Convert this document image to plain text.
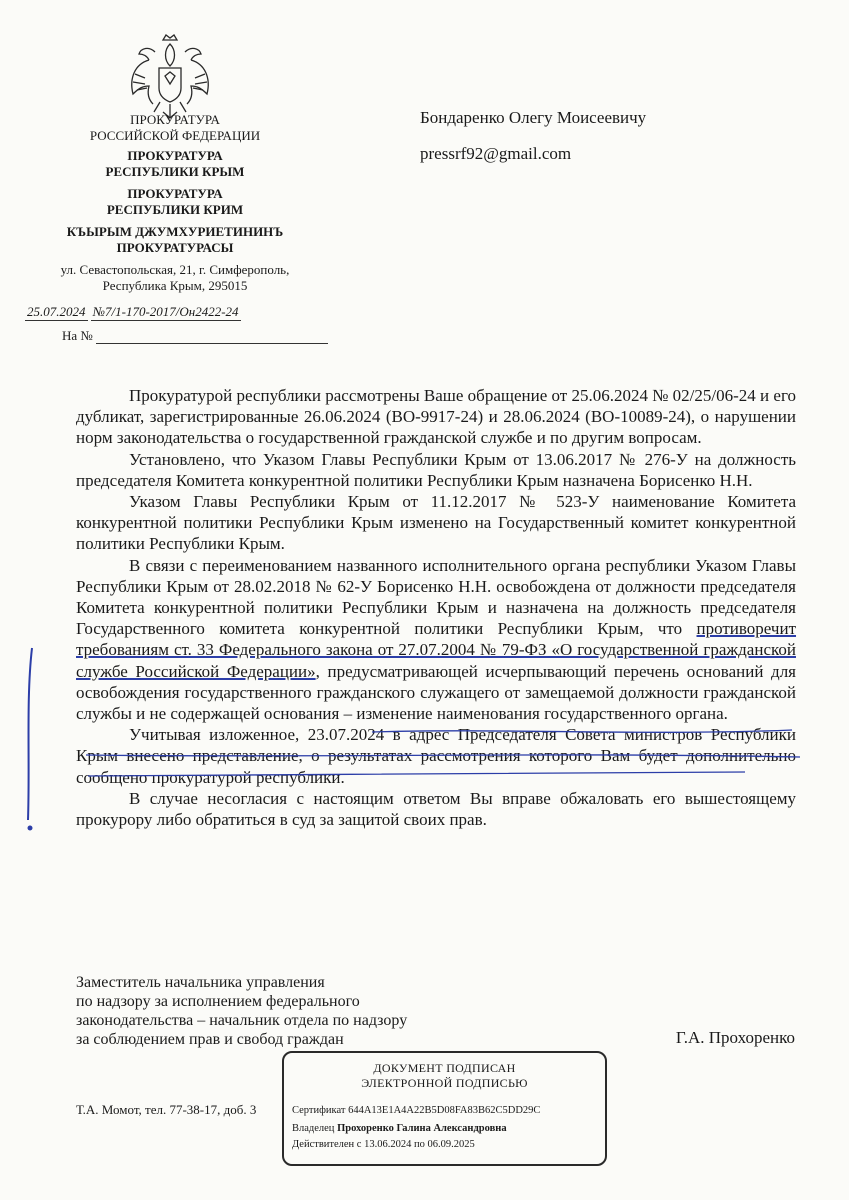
ПРОКУРАТУРА
РОССИЙСКОЙ ФЕДЕРАЦИИ
ПРОКУРАТУРА
РЕСПУБЛИКИ КРЫМ
ПРОКУРАТУРА
РЕСПУБЛИКИ КРИМ
КЪЫРЫМ ДЖУМХУРИЕТИНИНЪ
ПРОКУРАТУРАСЫ
ул. Севастопольская, 21, г. Симферополь,
Республика Крым, 295015
25.07.2024 №7/1-170-2017/Он2422-24
На №
Бондаренко Олегу Моисеевичу
pressrf92@gmail.com

Прокуратурой республики рассмотрены Ваше обращение от 25.06.2024 № 02/25/06-24 и его дубликат, зарегистрированные 26.06.2024 (ВО-9917-24) и 28.06.2024 (ВО-10089-24), о нарушении норм законодательства о государственной гражданской службе и по другим вопросам.

Установлено, что Указом Главы Республики Крым от 13.06.2017 № 276-У на должность председателя Комитета конкурентной политики Республики Крым назначена Борисенко Н.Н.

Указом Главы Республики Крым от 11.12.2017 № 523-У наименование Комитета конкурентной политики Республики Крым изменено на Государственный комитет конкурентной политики Республики Крым.

В связи с переименованием названного исполнительного органа республики Указом Главы Республики Крым от 28.02.2018 № 62-У Борисенко Н.Н. освобождена от должности председателя Комитета конкурентной политики Республики Крым и назначена на должность председателя Государственного комитета конкурентной политики Республики Крым, что противоречит требованиям ст. 33 Федерального закона от 27.07.2004 № 79-ФЗ «О государственной гражданской службе Российской Федерации», предусматривающей исчерпывающий перечень оснований для освобождения государственного гражданского служащего от замещаемой должности гражданской службы и не содержащей основания – изменение наименования государственного органа.

Учитывая изложенное, 23.07.2024 в адрес Председателя Совета министров Республики Крым внесено представление, о результатах рассмотрения которого Вам будет дополнительно сообщено прокуратурой республики.

В случае несогласия с настоящим ответом Вы вправе обжаловать его вышестоящему прокурору либо обратиться в суд за защитой своих прав.

Заместитель начальника управления
по надзору за исполнением федерального
законодательства – начальник отдела по надзору
за соблюдением прав и свобод граждан	Г.А. Прохоренко
ДОКУМЕНТ ПОДПИСАН
ЭЛЕКТРОННОЙ ПОДПИСЬЮ
Сертификат 644A13E1A4A22B5D08FA83B62C5DD29C
Владелец Прохоренко Галина Александровна
Действителен с 13.06.2024 по 06.09.2025
Т.А. Момот, тел. 77-38-17, доб. 3
